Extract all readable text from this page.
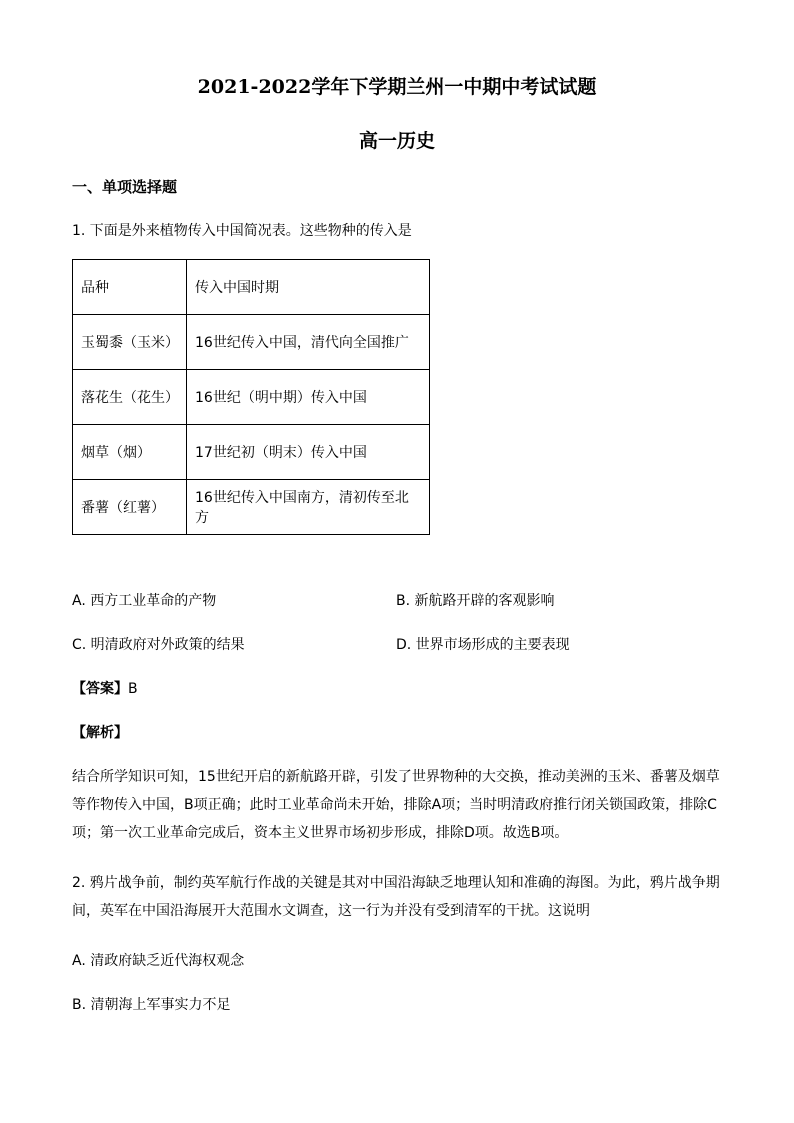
2021-2022学年下学期兰州一中期中考试试题
高一历史
一、单项选择题
1. 下面是外来植物传入中国简况表。这些物种的传入是
品种	传入中国时期
玉蜀黍（玉米）	16世纪传入中国，清代向全国推广
落花生（花生）	16世纪（明中期）传入中国
烟草（烟）	17世纪初（明末）传入中国
番薯（红薯）	16世纪传入中国南方，清初传至北方
A. 西方工业革命的产物	B. 新航路开辟的客观影响
C. 明清政府对外政策的结果	D. 世界市场形成的主要表现
【答案】B
【解析】
结合所学知识可知，15世纪开启的新航路开辟，引发了世界物种的大交换，推动美洲的玉米、番薯及烟草等作物传入中国，B项正确；此时工业革命尚未开始，排除A项；当时明清政府推行闭关锁国政策，排除C项；第一次工业革命完成后，资本主义世界市场初步形成，排除D项。故选B项。
2. 鸦片战争前，制约英军航行作战的关键是其对中国沿海缺乏地理认知和准确的海图。为此，鸦片战争期间，英军在中国沿海展开大范围水文调查，这一行为并没有受到清军的干扰。这说明
A. 清政府缺乏近代海权观念
B. 清朝海上军事实力不足
